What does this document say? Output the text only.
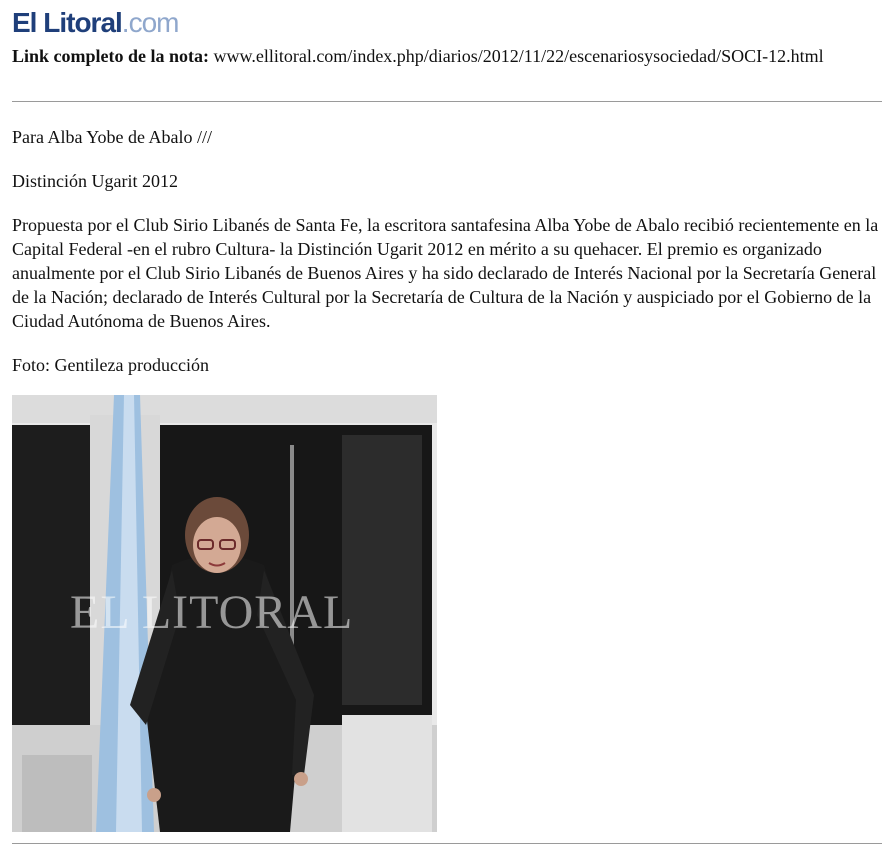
El Litoral.com
Link completo de la nota: www.ellitoral.com/index.php/diarios/2012/11/22/escenariosysociedad/SOCI-12.html

Para Alba Yobe de Abalo ///

Distinción Ugarit 2012

Propuesta por el Club Sirio Libanés de Santa Fe, la escritora santafesina Alba Yobe de Abalo recibió recientemente en la Capital Federal -en el rubro Cultura- la Distinción Ugarit 2012 en mérito a su quehacer. El premio es organizado anualmente por el Club Sirio Libanés de Buenos Aires y ha sido declarado de Interés Nacional por la Secretaría General de la Nación; declarado de Interés Cultural por la Secretaría de Cultura de la Nación y auspiciado por el Gobierno de la Ciudad Autónoma de Buenos Aires.

Foto: Gentileza producción

EL LITORAL
